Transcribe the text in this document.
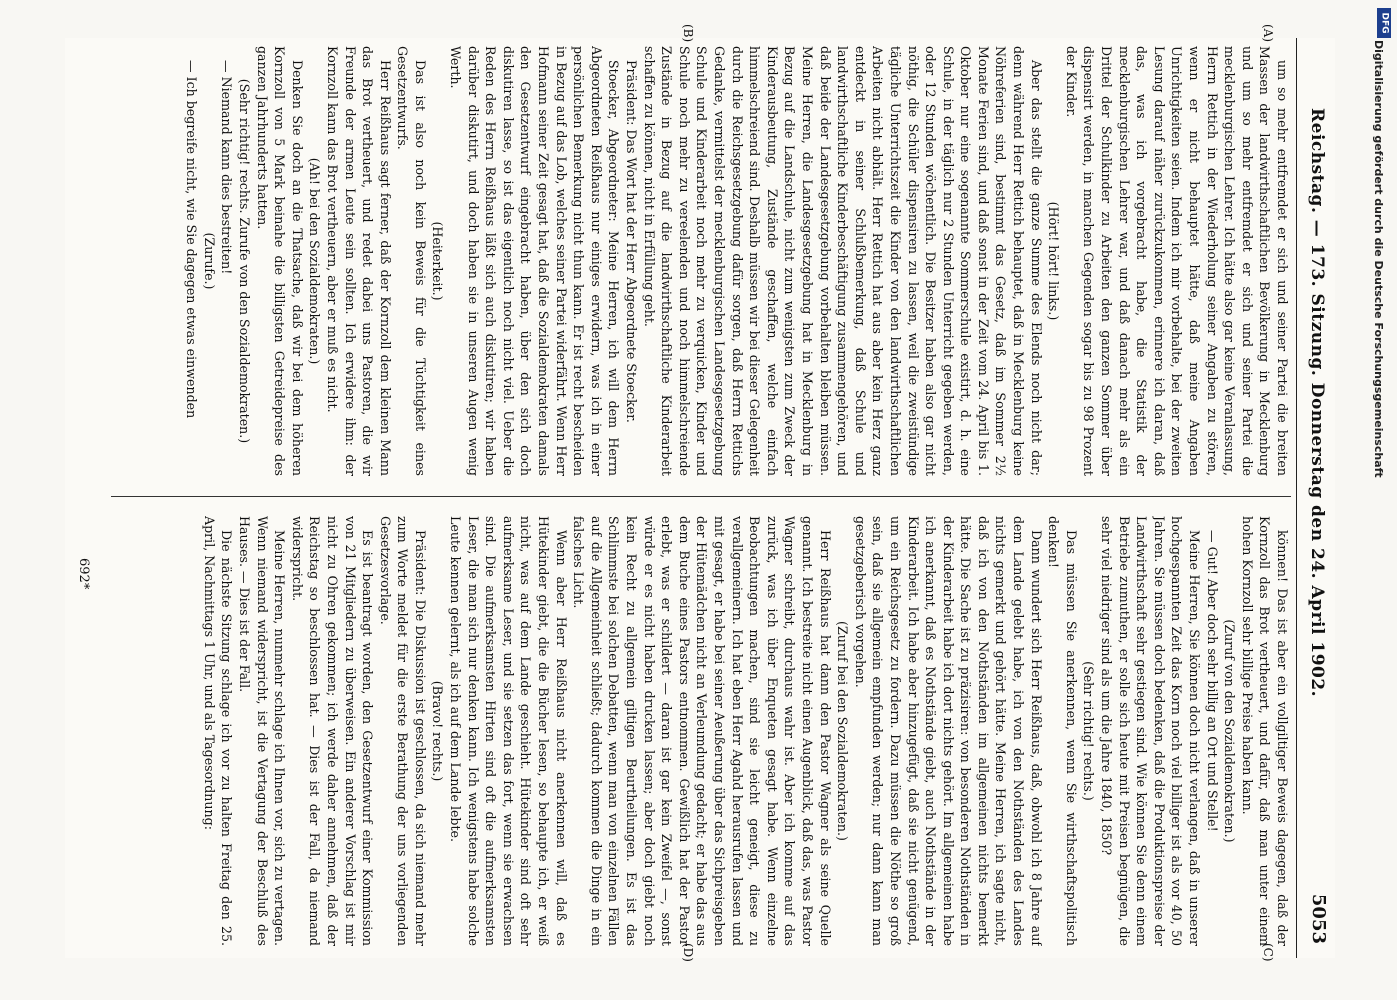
Reichstag. — 173. Sitzung. Donnerstag den 24. April 1902.
5053
(A)
(B)
(C)
(D)

um so mehr entfremdet er sich und seiner Partei die breiten Massen der landwirthschaftlichen Bevölkerung in Mecklenburg und um so mehr entfremdet er sich und seiner Partei die mecklenburgischen Lehrer. Ich hätte also gar keine Veranlassung, Herrn Rettich in der Wiederholung seiner Angaben zu stören, wenn er nicht behauptet hätte, daß meine Angaben Unrichtigkeiten seien. Indem ich mir vorbehalte, bei der zweiten Lesung darauf näher zurückzukommen, erinnere ich daran, daß das, was ich vorgebracht habe, die Statistik der mecklenburgischen Lehrer war, und daß danach mehr als ein Drittel der Schulkinder zu Arbeiten den ganzen Sommer über dispensirt werden, in manchen Gegenden sogar bis zu 98 Prozent der Kinder.

(Hört! hört! links.)

Aber das stellt die ganze Summe des Elends noch nicht dar; denn während Herr Rettich behauptet, daß in Mecklenburg keine Nöhreferien sind, bestimmt das Gesetz, daß im Sommer 2½ Monate Ferien sind, und daß sonst in der Zeit vom 24. April bis 1. Oktober nur eine sogenannte Sommerschule existirt, d. h. eine Schule, in der täglich nur 2 Stunden Unterricht gegeben werden, oder 12 Stunden wöchentlich. Die Besitzer haben also gar nicht nöthig, die Schüler dispensiren zu lassen, weil die zweistündige tägliche Unterrichtszeit die Kinder von den landwirthschaftlichen Arbeiten nicht abhält. Herr Rettich hat aus aber kein Herz ganz entdeckt in seiner Schlußbemerkung, daß Schule und landwirthschaftliche Kinderbeschäftigung zusammengehören, und daß beide der Landesgesetzgebung vorbehalten bleiben müssen. Meine Herren, die Landesgesetzgebung hat in Mecklenburg in Bezug auf die Landschule, nicht zum wenigsten zum Zweck der Kinderausbeutung, Zustände geschaffen, welche einfach himmelschreiend sind. Deshalb müssen wir bei dieser Gelegenheit durch die Reichsgesetzgebung dafür sorgen, daß Herrn Rettichs Gedanke, vermittelst der mecklenburgischen Landesgesetzgebung Schule und Kinderarbeit noch mehr zu verquicken, Kinder und Schule noch mehr zu vereelenden und noch himmelschreiende Zustände in Bezug auf die landwirthschaftliche Kinderarbeit schaffen zu können, nicht in Erfüllung geht.

Präsident: Das Wort hat der Herr Abgeordnete Stoecker.

Stoecker, Abgeordneter: Meine Herren, ich will dem Herrn Abgeordneten Reißhaus nur einiges erwidern, was ich in einer persönlichen Bemerkung nicht thun kann. Er ist recht bescheiden in Bezug auf das Lob, welches seiner Partei widerfährt. Wenn Herr Hofmann seiner Zeit gesagt hat, daß die Sozialdemokraten damals den Gesetzentwurf eingebracht haben, über den sich doch diskutiren lasse, so ist das eigentlich noch nicht viel. Ueber die Reden des Herrn Reißhaus läßt sich auch diskutiren; wir haben darüber diskutirt, und doch haben sie in unseren Augen wenig Werth.

(Heiterkeit.)

Das ist also noch kein Beweis für die Tüchtigkeit eines Gesetzentwurfs.

Herr Reißhaus sagt ferner, daß der Kornzoll dem kleinen Mann das Brot vertheuert, und redet dabei uns Pastoren, die wir Freunde der armen Leute sein sollten. Ich erwidere ihm: der Kornzoll kann das Brot vertheuern, aber er muß es nicht.

(Ah! bei den Sozialdemokraten.)

Denken Sie doch an die Thatsache, daß wir bei dem höheren Kornzoll von 5 Mark beinahe die billigsten Getreidepreise des ganzen Jahrhunderts hatten.

(Sehr richtig! rechts. Zurufe von den Sozialdemokraten.)

— Niemand kann dies bestreiten!

(Zurufe.)

— Ich begreife nicht, wie Sie dagegen etwas einwenden

können! Das ist aber ein vollgiltiger Beweis dagegen, daß der Kornzoll das Brot vertheuert, und dafür, daß man unter einem hohen Kornzoll sehr billige Preise haben kann.

(Zuruf von den Sozialdemokraten.)

— Gut! Aber doch sehr billig an Ort und Stelle!

Meine Herren, Sie können doch nicht verlangen, daß in unserer hochgespannten Zeit das Korn noch viel billiger ist als vor 40, 50 Jahren. Sie müssen doch bedenken, daß die Produktionspreise der Landwirthschaft sehr gestiegen sind. Wie können Sie denn einem Betriebe zumuthen, er solle sich heute mit Preisen begnügen, die sehr viel niedriger sind als um die Jahre 1840, 1850?

(Sehr richtig! rechts.)

Das müssen Sie anerkennen, wenn Sie wirthschaftspolitisch denken!

Dann wundert sich Herr Reißhaus, daß, obwohl ich 8 Jahre auf dem Lande gelebt habe, ich von den Nothständen des Landes nichts gemerkt und gehört hätte. Meine Herren, ich sagte nicht, daß ich von den Nothständen im allgemeinen nichts bemerkt hätte. Die Sache ist zu präzisiren: von besonderen Nothständen in der Kinderarbeit habe ich dort nichts gehört. Im allgemeinen habe ich anerkannt, daß es Nothstände giebt, auch Nothstände in der Kinderarbeit. Ich habe aber hinzugefügt, daß sie nicht genügend, um ein Reichsgesetz zu fordern. Dazu müssen die Nöthe so groß sein, daß sie allgemein empfunden werden; nur dann kann man gesetzgeberisch vorgehen.

(Zuruf bei den Sozialdemokraten.)

Herr Reißhaus hat dann den Pastor Wagner als seine Quelle genannt. Ich bestreite nicht einen Augenblick, daß das, was Pastor Wagner schreibt, durchaus wahr ist. Aber ich komme auf das zurück, was ich über Enqueten gesagt habe. Wenn einzelne Beobachtungen machen, sind sie leicht geneigt, diese zu verallgemeinern. Ich hat eben Herr Agahd herausrufen lassen und mit gesagt, er habe bei seiner Aeußerung über das Sichpreisgeben der Hütemädchen nicht an Verleumdung gedacht; er habe das aus dem Buche eines Pastors entnommen. Gewißlich hat der Pastor erlebt, was er schildert — daran ist gar kein Zweifel —, sonst würde er es nicht haben drucken lassen; aber doch giebt noch kein Recht zu allgemein giltigen Beurtheilungen. Es ist das Schlimmste bei solchen Debatten, wenn man von einzelnen Fällen auf die Allgemeinheit schließt; dadurch kommen die Dinge in ein falsches Licht.

Wenn aber Herr Reißhaus nicht anerkennen will, daß es Hütekinder giebt, die die Bücher lesen, so behaupte ich, er weiß nicht, was auf dem Lande geschieht. Hütekinder sind oft sehr aufmerksame Leser, und sie setzen das fort, wenn sie erwachsen sind. Die aufmerksamsten Hirten sind oft die aufmerksamsten Leser, die man sich nur denken kann. Ich wenigstens habe solche Leute kennen gelernt, als ich auf dem Lande lebte.

(Bravo! rechts.)

Präsident: Die Diskussion ist geschlossen, da sich niemand mehr zum Worte meldet für die erste Berathung der uns vorliegenden Gesetzesvorlage.

Es ist beantragt worden, den Gesetzentwurf einer Kommission von 21 Mitgliedern zu überweisen. Ein anderer Vorschlag ist mir nicht zu Ohren gekommen; ich werde daher annehmen, daß der Reichstag so beschlossen hat. — Dies ist der Fall, da niemand widerspricht.

Meine Herren, nunmehr schlage ich Ihnen vor, sich zu vertagen. Wenn niemand widerspricht, ist die Vertagung der Beschluß des Hauses. — Dies ist der Fall.

Die nächste Sitzung schlage ich vor zu halten Freitag den 25. April, Nachmittags 1 Uhr, und als Tagesordnung:

692*
DFG
Digitalisierung gefördert durch die Deutsche Forschungsgemeinschaft
